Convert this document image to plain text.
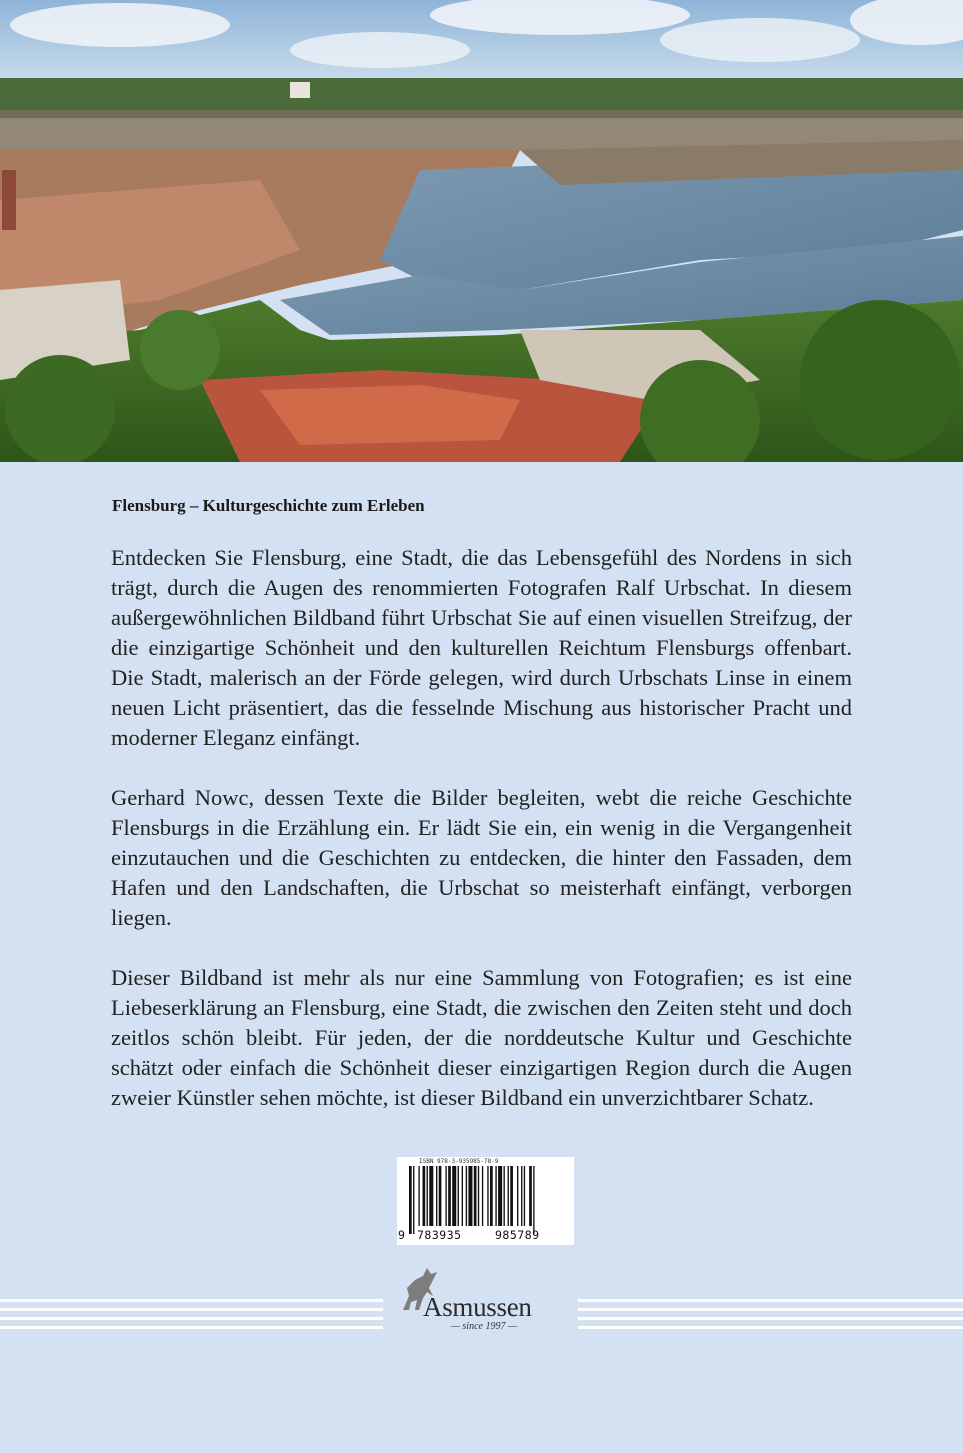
Flensburg – Kulturgeschichte zum Erleben

Entdecken Sie Flensburg, eine Stadt, die das Lebensgefühl des Nordens in sich trägt, durch die Augen des renommierten Fotografen Ralf Urbschat. In diesem außergewöhnlichen Bildband führt Urbschat Sie auf einen visuellen Streifzug, der die einzigartige Schönheit und den kulturellen Reichtum Flensburgs offenbart. Die Stadt, malerisch an der Förde gelegen, wird durch Urbschats Linse in einem neuen Licht präsentiert, das die fesselnde Mischung aus historischer Pracht und moderner Eleganz einfängt.

Gerhard Nowc, dessen Texte die Bilder begleiten, webt die reiche Geschichte Flensburgs in die Erzählung ein. Er lädt Sie ein, ein wenig in die Vergangenheit einzutauchen und die Geschichten zu entdecken, die hinter den Fassaden, dem Hafen und den Landschaften, die Urbschat so meisterhaft einfängt, verborgen liegen.

Dieser Bildband ist mehr als nur eine Sammlung von Fotografien; es ist eine Liebeserklärung an Flensburg, eine Stadt, die zwischen den Zeiten steht und doch zeitlos schön bleibt. Für jeden, der die norddeutsche Kultur und Geschichte schätzt oder einfach die Schönheit dieser einzigartigen Region durch die Augen zweier Künstler sehen möchte, ist dieser Bildband ein unverzichtbarer Schatz.

ISBN 978-3-935985-78-9
9 783935	985789
Asmussen
— since 1997 —
